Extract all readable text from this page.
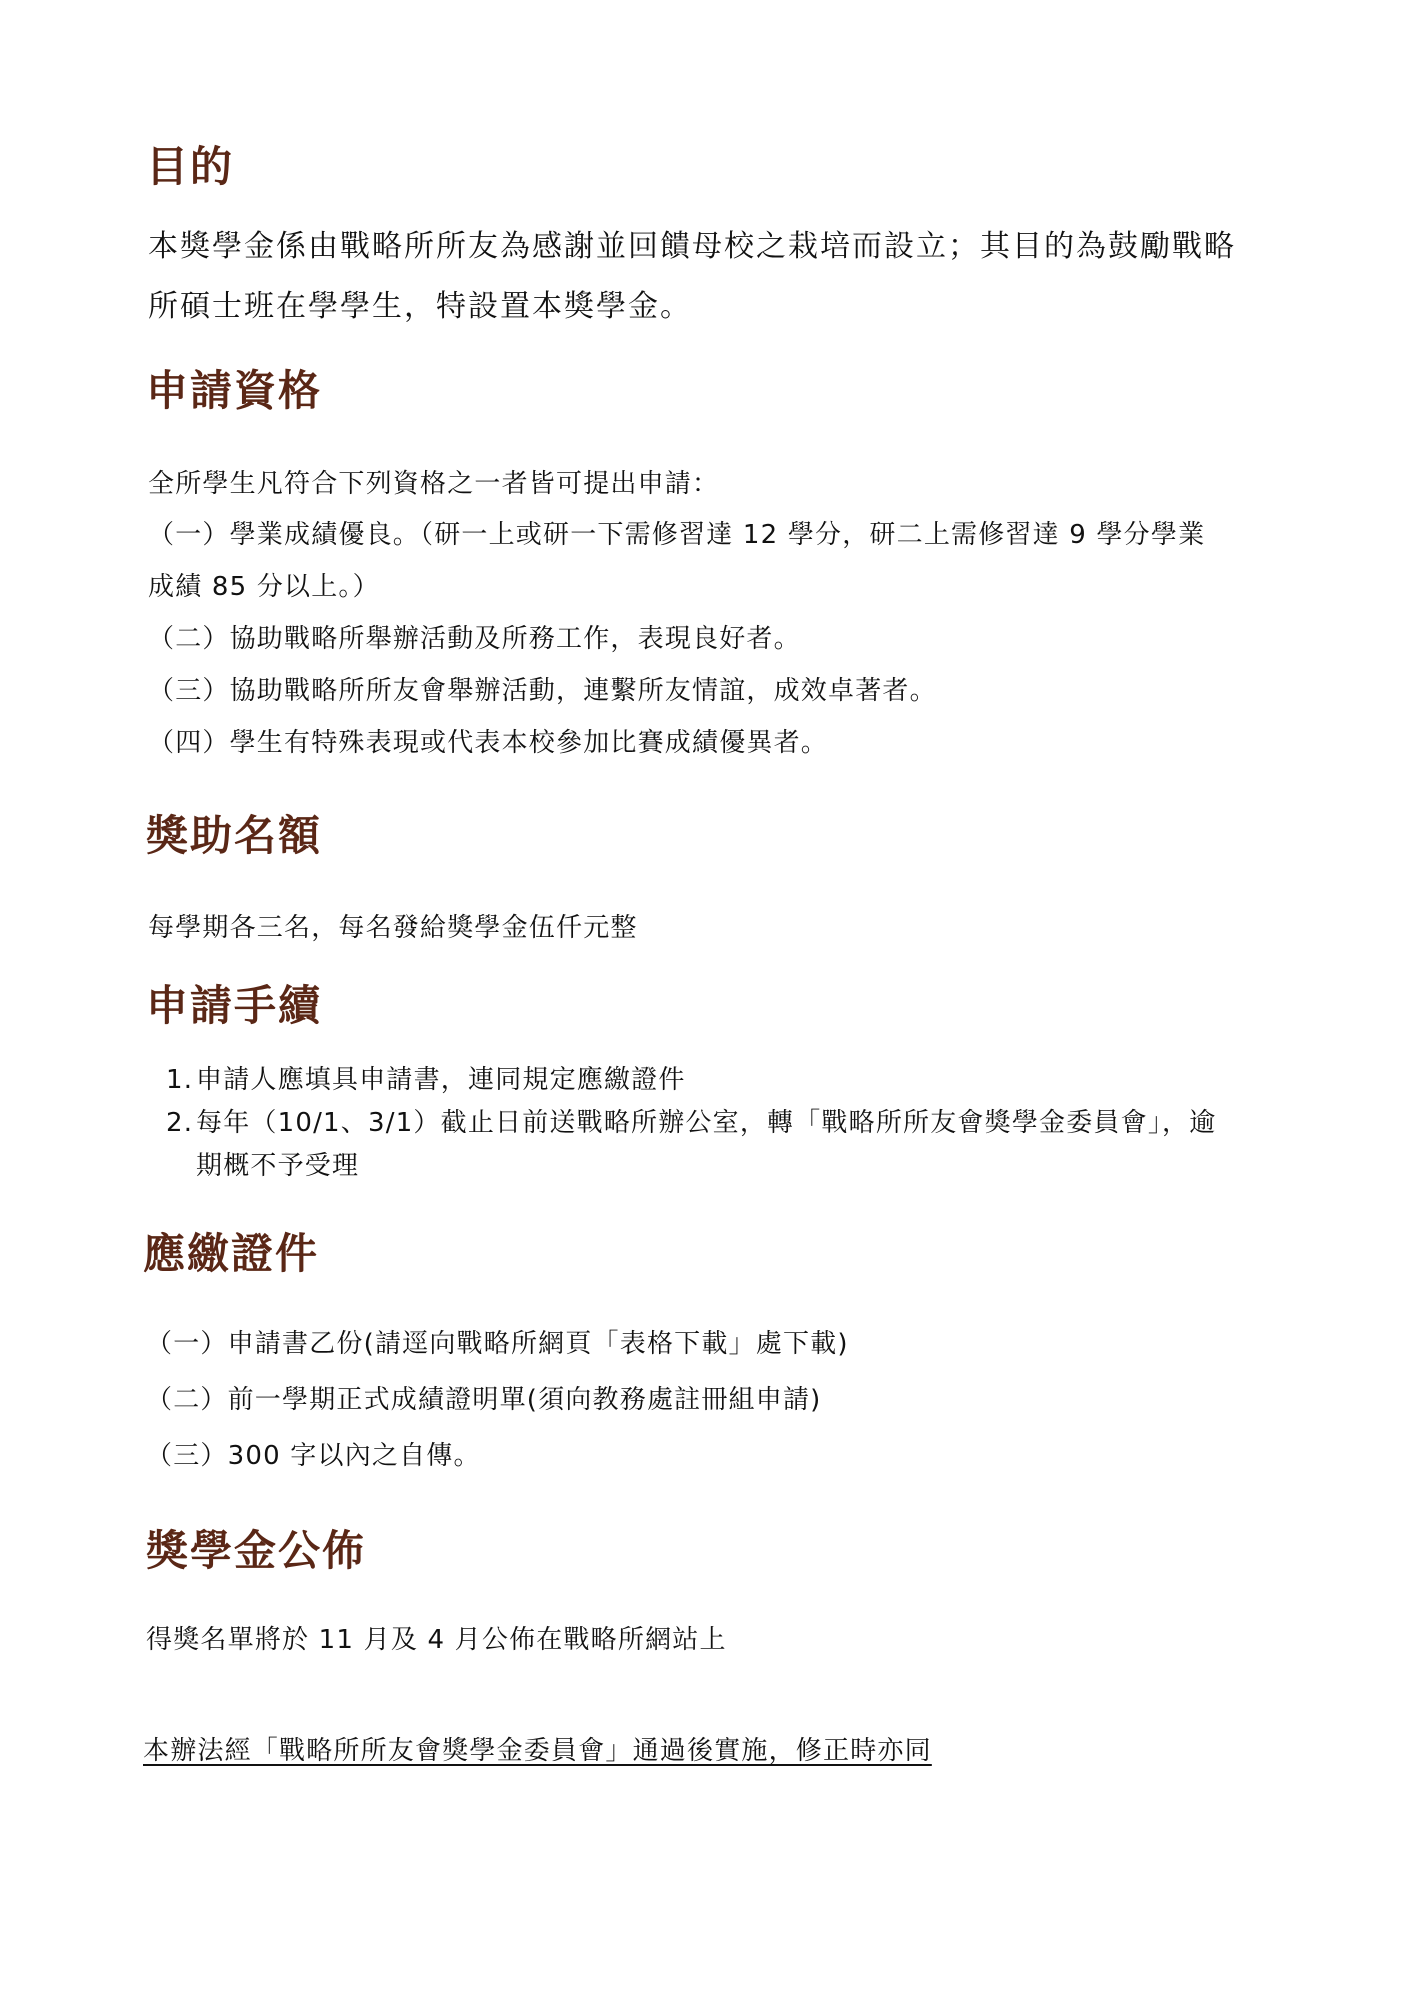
目的

本獎學金係由戰略所所友為感謝並回饋母校之栽培而設立；其目的為鼓勵戰略

所碩士班在學學生，特設置本獎學金。

申請資格

全所學生凡符合下列資格之一者皆可提出申請：

（一）學業成績優良。（研一上或研一下需修習達 12 學分，研二上需修習達 9 學分學業

成績 85 分以上。）

（二）協助戰略所舉辦活動及所務工作，表現良好者。

（三）協助戰略所所友會舉辦活動，連繫所友情誼，成效卓著者。

（四）學生有特殊表現或代表本校參加比賽成績優異者。

獎助名額

每學期各三名，每名發給獎學金伍仟元整

申請手續

1. 申請人應填具申請書，連同規定應繳證件

2. 每年（10/1、3/1）截止日前送戰略所辦公室，轉「戰略所所友會獎學金委員會」，逾

期概不予受理

應繳證件

（一）申請書乙份(請逕向戰略所網頁「表格下載」處下載)

（二）前一學期正式成績證明單(須向教務處註冊組申請)

（三）300 字以內之自傳。

獎學金公佈

得獎名單將於 11 月及 4 月公佈在戰略所網站上

本辦法經「戰略所所友會獎學金委員會」通過後實施，修正時亦同
